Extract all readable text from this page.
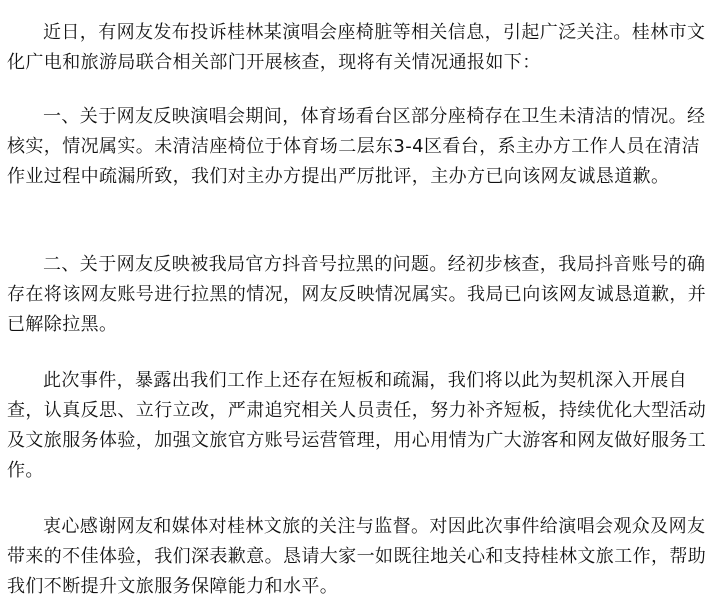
近日，有网友发布投诉桂林某演唱会座椅脏等相关信息，引起广泛关注。桂林市文化广电和旅游局联合相关部门开展核查，现将有关情况通报如下：

一、关于网友反映演唱会期间，体育场看台区部分座椅存在卫生未清洁的情况。经核实，情况属实。未清洁座椅位于体育场二层东3-4区看台，系主办方工作人员在清洁作业过程中疏漏所致，我们对主办方提出严厉批评，主办方已向该网友诚恳道歉。

二、关于网友反映被我局官方抖音号拉黑的问题。经初步核查，我局抖音账号的确存在将该网友账号进行拉黑的情况，网友反映情况属实。我局已向该网友诚恳道歉，并已解除拉黑。

此次事件，暴露出我们工作上还存在短板和疏漏，我们将以此为契机深入开展自查，认真反思、立行立改，严肃追究相关人员责任，努力补齐短板，持续优化大型活动及文旅服务体验，加强文旅官方账号运营管理，用心用情为广大游客和网友做好服务工作。

衷心感谢网友和媒体对桂林文旅的关注与监督。对因此次事件给演唱会观众及网友带来的不佳体验，我们深表歉意。恳请大家一如既往地关心和支持桂林文旅工作，帮助我们不断提升文旅服务保障能力和水平。
